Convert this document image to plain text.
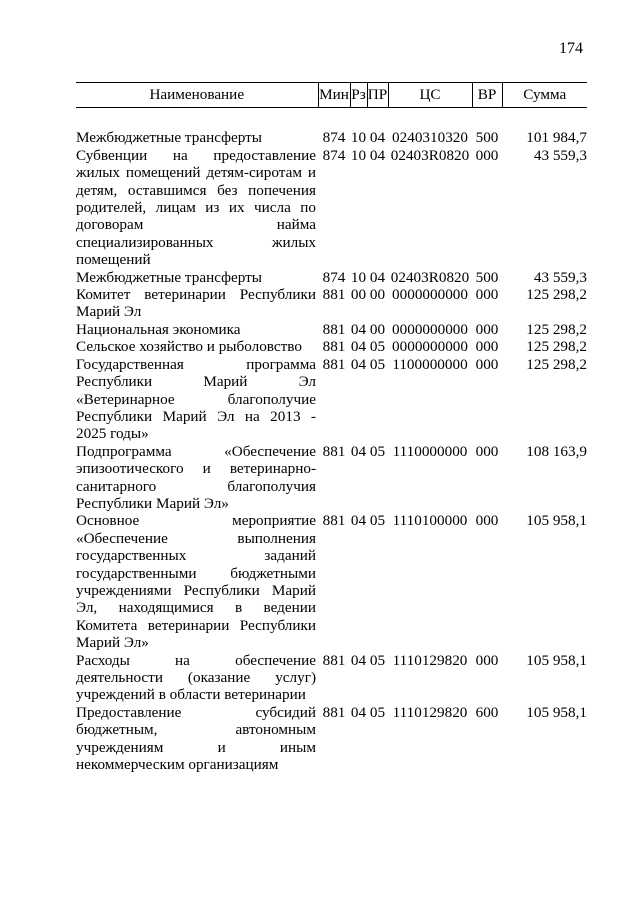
174
Наименование	Мин	Рз	ПР	ЦС	ВР	Сумма

Межбюджетные трансферты	874	10	04	0240310320	500	101 984,7
Субвенции на предоставление жилых помещений детям-сиротам и детям, оставшимся без попечения родителей, лицам из их числа по договорам найма специализированных жилых помещений	874	10	04	02403R0820	000	43 559,3
Межбюджетные трансферты	874	10	04	02403R0820	500	43 559,3
Комитет ветеринарии Республики Марий Эл	881	00	00	0000000000	000	125 298,2
Национальная экономика	881	04	00	0000000000	000	125 298,2
Сельское хозяйство и рыболовство	881	04	05	0000000000	000	125 298,2
Государственная программа Республики Марий Эл «Ветеринарное благополучие Республики Марий Эл на 2013 - 2025 годы»	881	04	05	1100000000	000	125 298,2
Подпрограмма «Обеспечение эпизоотического и ветеринарно-санитарного благополучия Республики Марий Эл»	881	04	05	1110000000	000	108 163,9
Основное мероприятие «Обеспечение выполнения государственных заданий государственными бюджетными учреждениями Республики Марий Эл, находящимися в ведении Комитета ветеринарии Республики Марий Эл»	881	04	05	1110100000	000	105 958,1
Расходы на обеспечение деятельности (оказание услуг) учреждений в области ветеринарии	881	04	05	1110129820	000	105 958,1
Предоставление субсидий бюджетным, автономным учреждениям и иным некоммерческим организациям	881	04	05	1110129820	600	105 958,1
